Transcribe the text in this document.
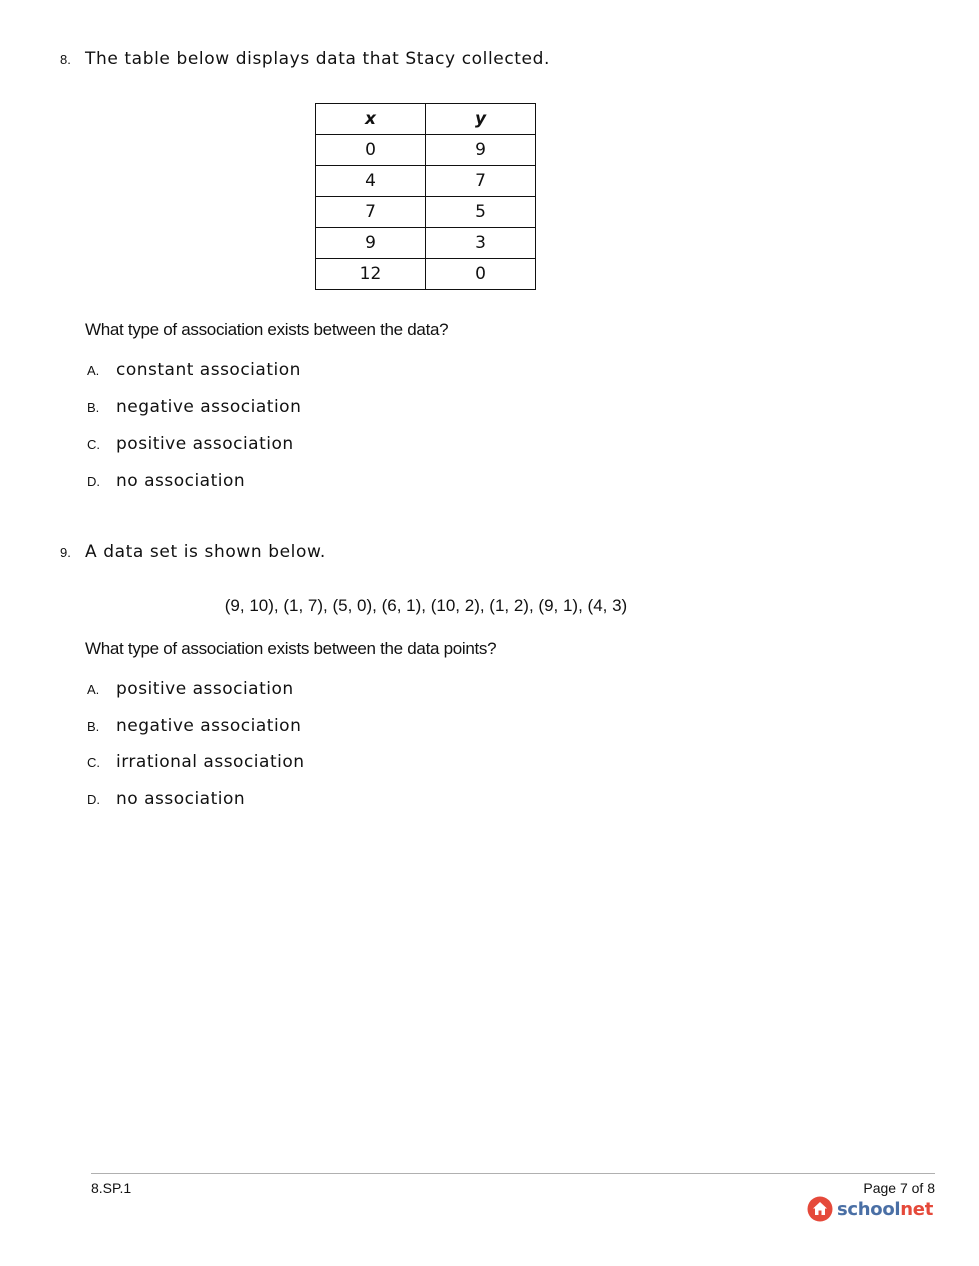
8. The table below displays data that Stacy collected.
x	y
0	9
4	7
7	5
9	3
12	0
What type of association exists between the data?
A. constant association
B. negative association
C. positive association
D. no association
9. A data set is shown below.
(9, 10), (1, 7), (5, 0), (6, 1), (10, 2), (1, 2), (9, 1), (4, 3)
What type of association exists between the data points?
A. positive association
B. negative association
C. irrational association
D. no association
8.SP.1	Page 7 of 8
schoolnet
